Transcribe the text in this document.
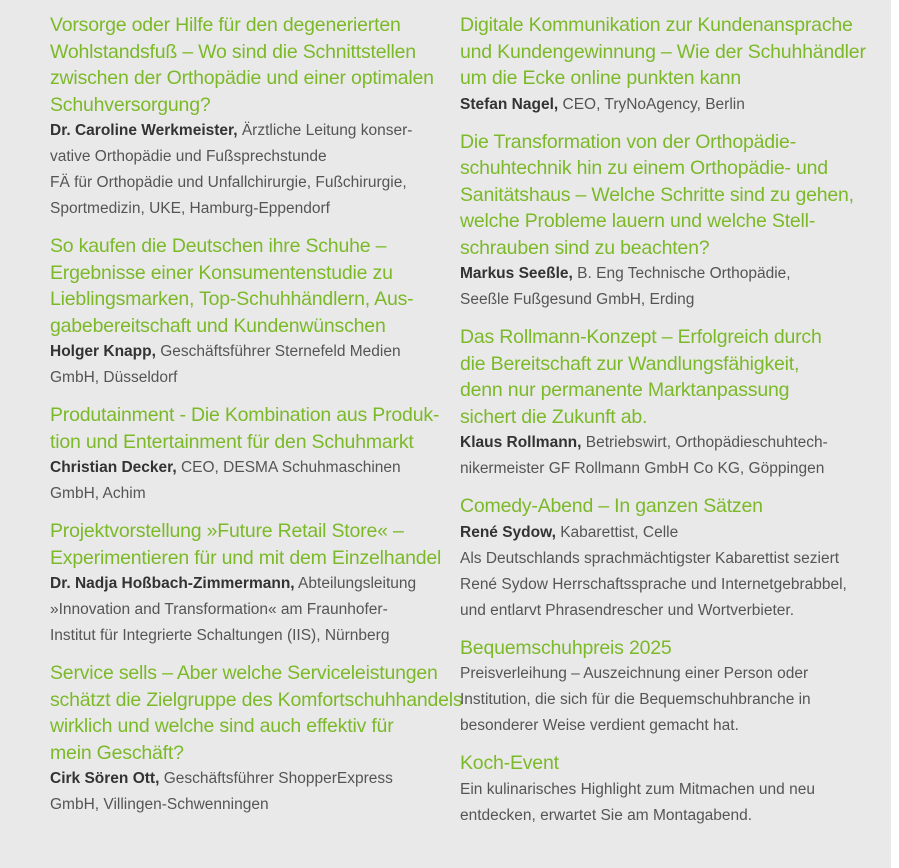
Vorsorge oder Hilfe für den degenerierten
Wohlstandsfuß – Wo sind die Schnittstellen
zwischen der Orthopädie und einer optimalen
Schuhversorgung?
Dr. Caroline Werkmeister, Ärztliche Leitung konser-
vative Orthopädie und Fußsprechstunde
FÄ für Orthopädie und Unfallchirurgie, Fußchirurgie,
Sportmedizin, UKE, Hamburg-Eppendorf
So kaufen die Deutschen ihre Schuhe –
Ergebnisse einer Konsumentenstudie zu
Lieblingsmarken, Top-Schuhhändlern, Aus-
gabebereitschaft und Kundenwünschen
Holger Knapp, Geschäftsführer Sternefeld Medien
GmbH, Düsseldorf
Produtainment - Die Kombination aus Produk-
tion und Entertainment für den Schuhmarkt
Christian Decker, CEO, DESMA Schuhmaschinen
GmbH, Achim
Projektvorstellung »Future Retail Store« –
Experimentieren für und mit dem Einzelhandel
Dr. Nadja Hoßbach-Zimmermann, Abteilungsleitung
»Innovation and Transformation« am Fraunhofer-
Institut für Integrierte Schaltungen (IIS), Nürnberg
Service sells – Aber welche Serviceleistungen
schätzt die Zielgruppe des Komfortschuhhandels
wirklich und welche sind auch effektiv für
mein Geschäft?
Cirk Sören Ott, Geschäftsführer ShopperExpress
GmbH, Villingen-Schwenningen
Digitale Kommunikation zur Kundenansprache
und Kundengewinnung – Wie der Schuhhändler
um die Ecke online punkten kann
Stefan Nagel, CEO, TryNoAgency, Berlin
Die Transformation von der Orthopädie-
schuhtechnik hin zu einem Orthopädie- und
Sanitätshaus – Welche Schritte sind zu gehen,
welche Probleme lauern und welche Stell-
schrauben sind zu beachten?
Markus Seeßle, B. Eng Technische Orthopädie,
Seeßle Fußgesund GmbH, Erding
Das Rollmann-Konzept – Erfolgreich durch
die Bereitschaft zur Wandlungsfähigkeit,
denn nur permanente Marktanpassung
sichert die Zukunft ab.
Klaus Rollmann, Betriebswirt, Orthopädieschuhtech-
nikermeister GF Rollmann GmbH Co KG, Göppingen
Comedy-Abend – In ganzen Sätzen
René Sydow, Kabarettist, Celle
Als Deutschlands sprachmächtigster Kabarettist seziert
René Sydow Herrschaftssprache und Internetgebrabbel,
und entlarvt Phrasendrescher und Wortverbieter.
Bequemschuhpreis 2025
Preisverleihung – Auszeichnung einer Person oder
Institution, die sich für die Bequemschuhbranche in
besonderer Weise verdient gemacht hat.
Koch-Event
Ein kulinarisches Highlight zum Mitmachen und neu
entdecken, erwartet Sie am Montagabend.
